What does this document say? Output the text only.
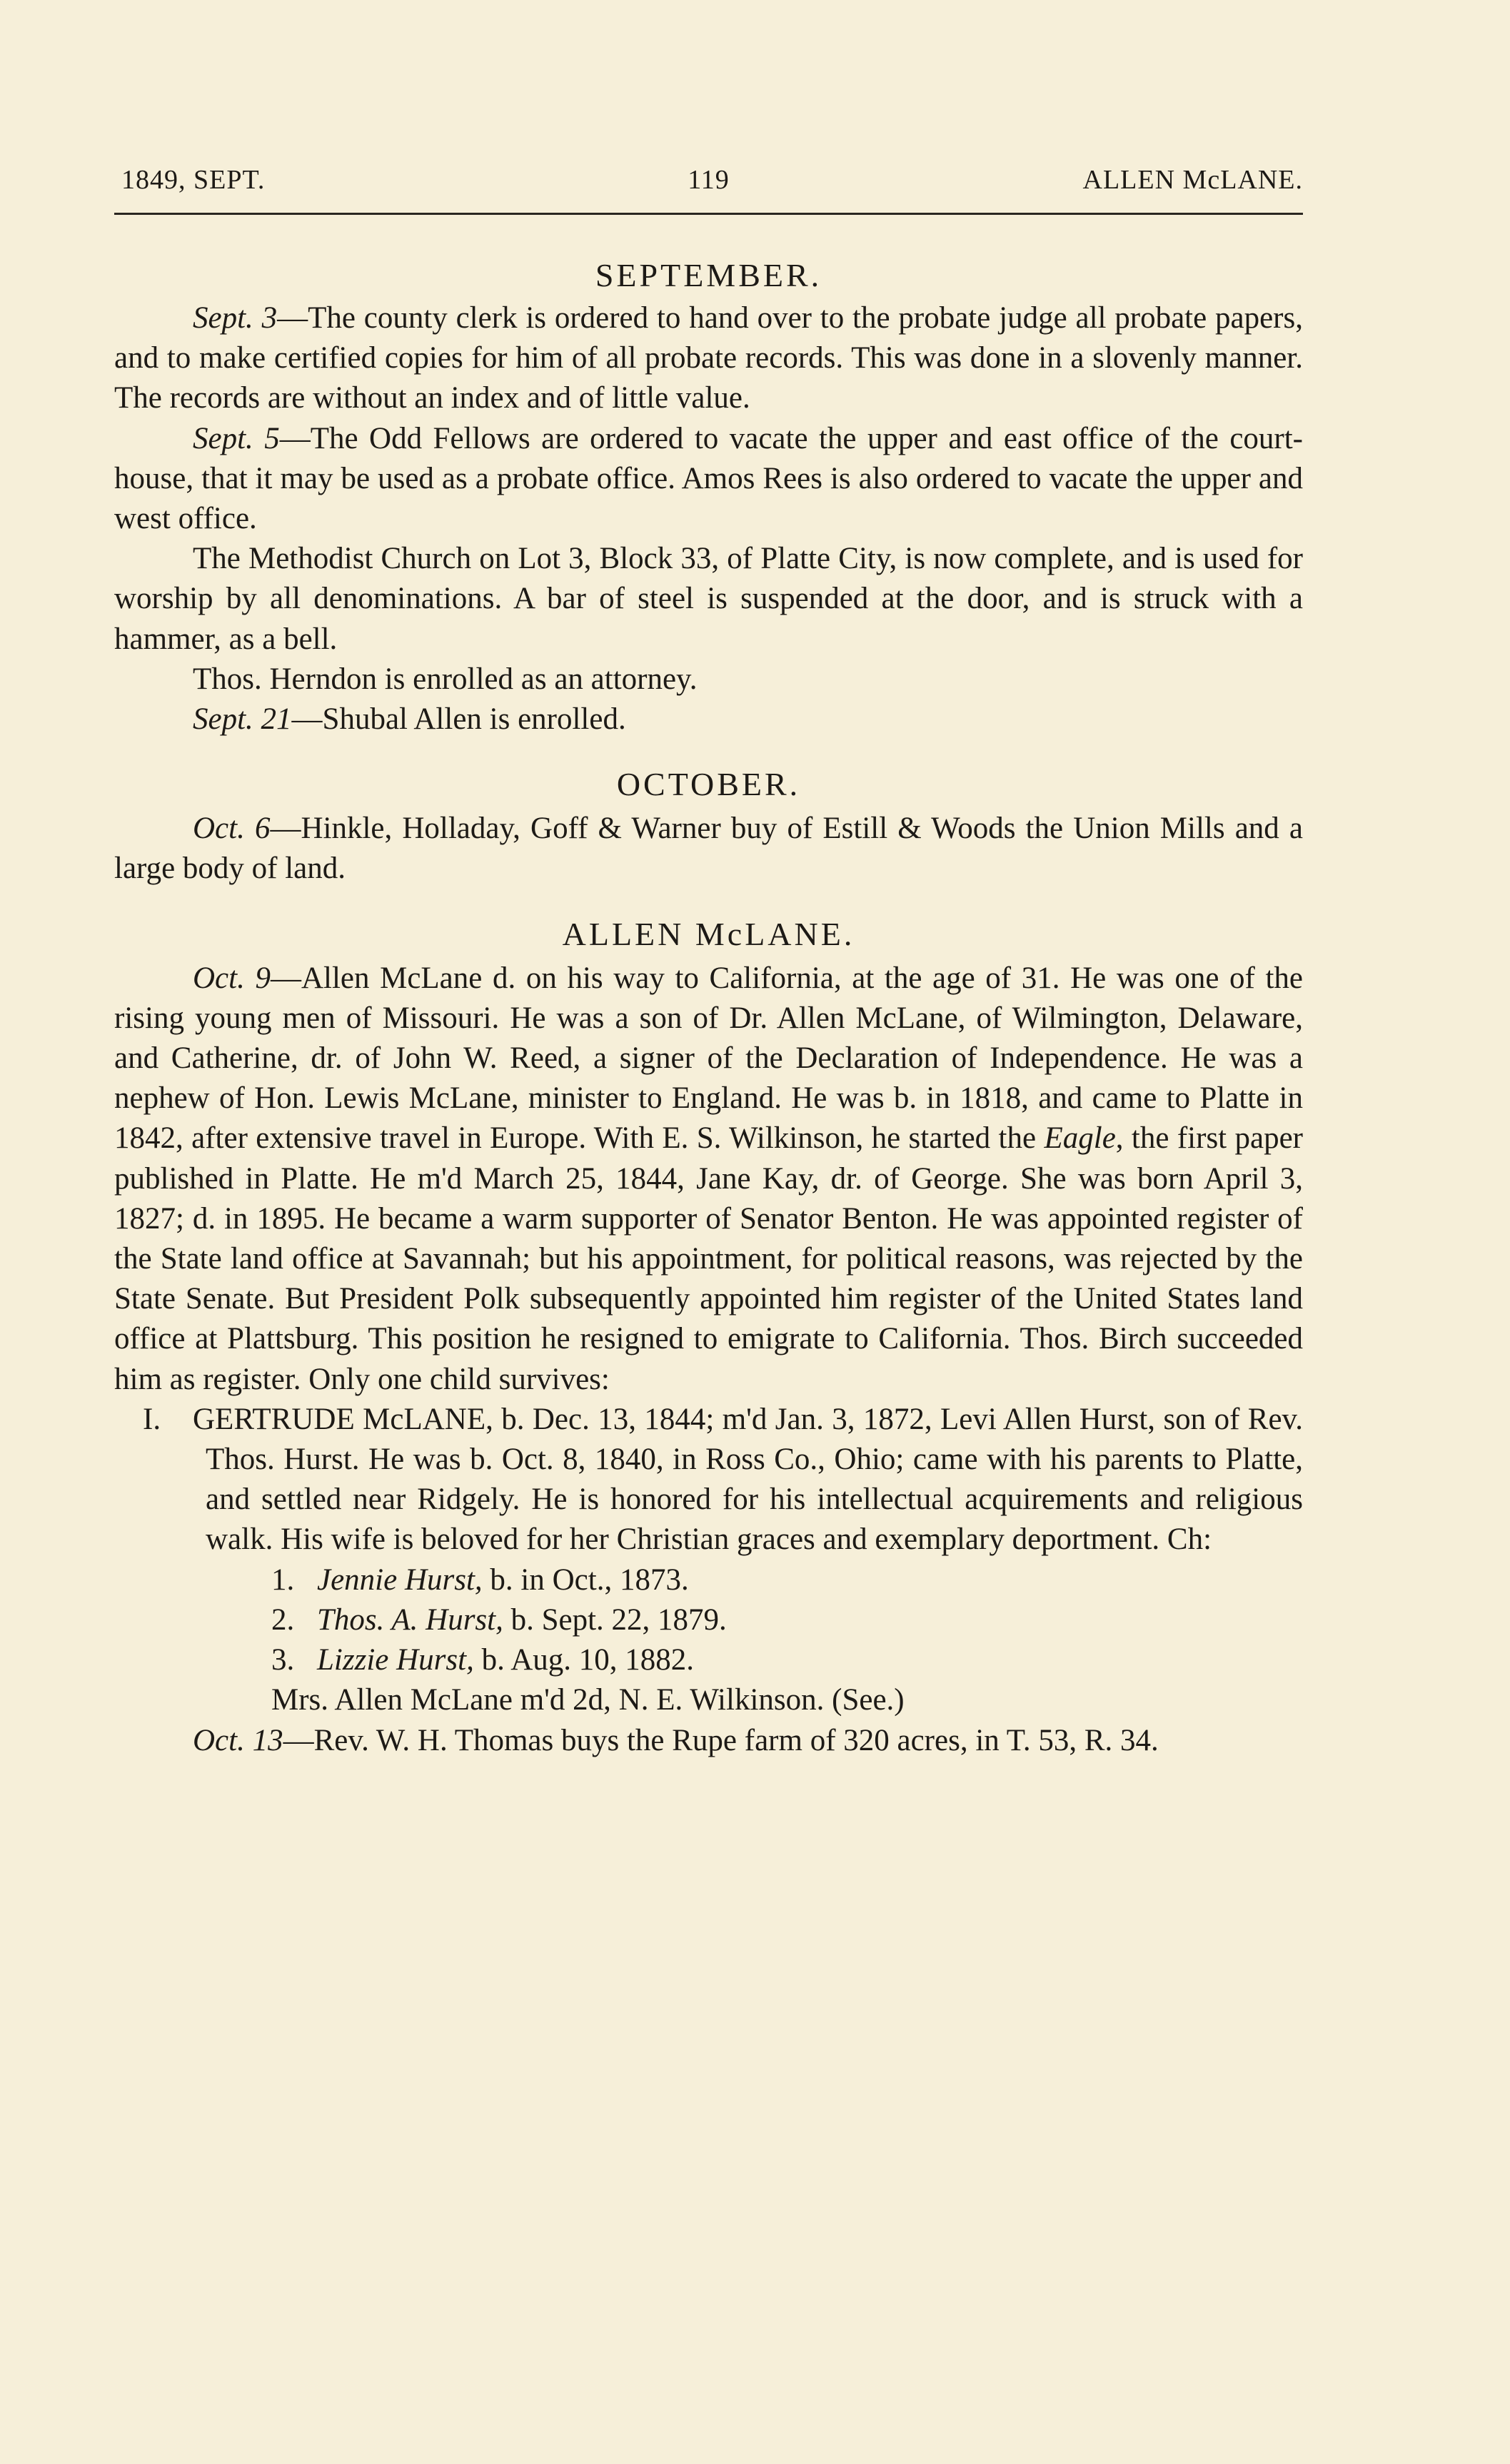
1849, SEPT.	119	ALLEN McLANE.
SEPTEMBER.

Sept. 3—The county clerk is ordered to hand over to the probate judge all probate papers, and to make certified copies for him of all probate records. This was done in a slovenly manner. The records are without an index and of little value.

Sept. 5—The Odd Fellows are ordered to vacate the upper and east office of the court-house, that it may be used as a probate office. Amos Rees is also ordered to vacate the upper and west office.

The Methodist Church on Lot 3, Block 33, of Platte City, is now complete, and is used for worship by all denominations. A bar of steel is suspended at the door, and is struck with a hammer, as a bell.

Thos. Herndon is enrolled as an attorney.

Sept. 21—Shubal Allen is enrolled.

OCTOBER.

Oct. 6—Hinkle, Holladay, Goff & Warner buy of Estill & Woods the Union Mills and a large body of land.

ALLEN McLANE.

Oct. 9—Allen McLane d. on his way to California, at the age of 31. He was one of the rising young men of Missouri. He was a son of Dr. Allen McLane, of Wilmington, Delaware, and Catherine, dr. of John W. Reed, a signer of the Declaration of Independence. He was a nephew of Hon. Lewis McLane, minister to England. He was b. in 1818, and came to Platte in 1842, after extensive travel in Europe. With E. S. Wilkinson, he started the Eagle, the first paper published in Platte. He m'd March 25, 1844, Jane Kay, dr. of George. She was born April 3, 1827; d. in 1895. He became a warm supporter of Senator Benton. He was appointed register of the State land office at Savannah; but his appointment, for political reasons, was rejected by the State Senate. But President Polk subsequently appointed him register of the United States land office at Plattsburg. This position he resigned to emigrate to California. Thos. Birch succeeded him as register. Only one child survives:

I. GERTRUDE McLANE, b. Dec. 13, 1844; m'd Jan. 3, 1872, Levi Allen Hurst, son of Rev. Thos. Hurst. He was b. Oct. 8, 1840, in Ross Co., Ohio; came with his parents to Platte, and settled near Ridgely. He is honored for his intellectual acquirements and religious walk. His wife is beloved for her Christian graces and exemplary deportment. Ch:
1. Jennie Hurst, b. in Oct., 1873.
2. Thos. A. Hurst, b. Sept. 22, 1879.
3. Lizzie Hurst, b. Aug. 10, 1882.
Mrs. Allen McLane m'd 2d, N. E. Wilkinson. (See.)

Oct. 13—Rev. W. H. Thomas buys the Rupe farm of 320 acres, in T. 53, R. 34.
